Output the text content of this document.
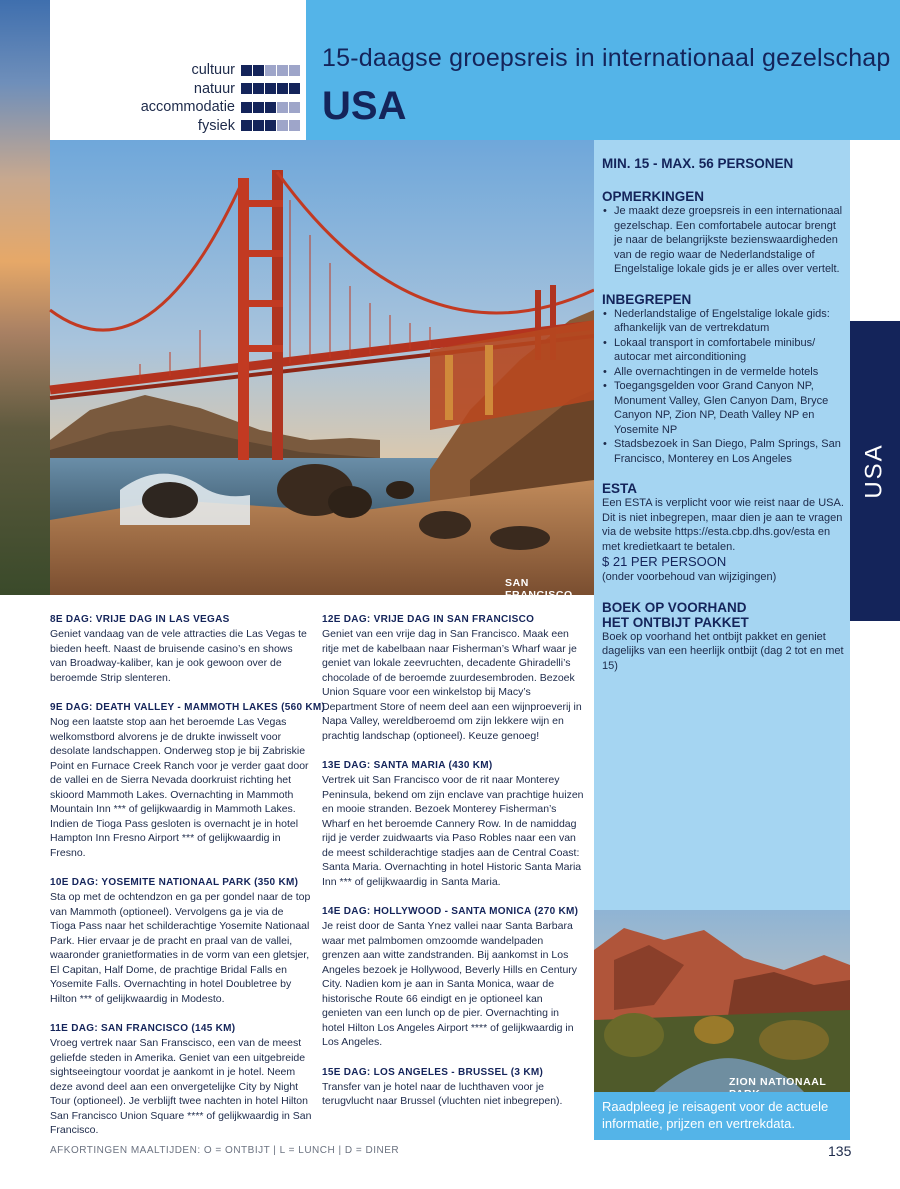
15-daagse groepsreis in internationaal gezelschap
USA
cultuur
natuur
accommodatie
fysiek
SAN FRANCISCO
MIN. 15 - MAX. 56 PERSONEN
OPMERKINGEN
• Je maakt deze groepsreis in een internationaal gezelschap. Een comfortabele autocar brengt je naar de belangrijkste bezienswaardigheden van de regio waar de Nederlandstalige of Engelstalige lokale gids je er alles over vertelt.
INBEGREPEN
• Nederlandstalige of Engelstalige lokale gids: afhankelijk van de vertrekdatum
• Lokaal transport in comfortabele minibus/ autocar met airconditioning
• Alle overnachtingen in de vermelde hotels
• Toegangsgelden voor Grand Canyon NP, Monument Valley, Glen Canyon Dam, Bryce Canyon NP, Zion NP, Death Valley NP en Yosemite NP
• Stadsbezoek in San Diego, Palm Springs, San Francisco, Monterey en Los Angeles
ESTA
Een ESTA is verplicht voor wie reist naar de USA. Dit is niet inbegrepen, maar dien je aan te vragen via de website https://esta.cbp.dhs.gov/esta en met kredietkaart te betalen.
$ 21 PER PERSOON
(onder voorbehoud van wijzigingen)
BOEK OP VOORHAND
HET ONTBIJT PAKKET
Boek op voorhand het ontbijt pakket en geniet dagelijks van een heerlijk ontbijt (dag 2 tot en met 15)
USA
8E DAG: VRIJE DAG IN LAS VEGAS
Geniet vandaag van de vele attracties die Las Vegas te bieden heeft. Naast de bruisende casino’s en shows van Broadway-kaliber, kan je ook gewoon over de beroemde Strip slenteren.
9E DAG: DEATH VALLEY - MAMMOTH LAKES (560 KM)
Nog een laatste stop aan het beroemde Las Vegas welkomstbord alvorens je de drukte inwisselt voor desolate landschappen. Onderweg stop je bij Zabriskie Point en Furnace Creek Ranch voor je verder gaat door de vallei en de Sierra Nevada doorkruist richting het skioord Mammoth Lakes. Overnachting in Mammoth Mountain Inn *** of gelijkwaardig in Mammoth Lakes. Indien de Tioga Pass gesloten is overnacht je in hotel Hampton Inn Fresno Airport *** of gelijkwaardig in Fresno.
10E DAG: YOSEMITE NATIONAAL PARK (350 KM)
Sta op met de ochtendzon en ga per gondel naar de top van Mammoth (optioneel). Vervolgens ga je via de Tioga Pass naar het schilderachtige Yosemite Nationaal Park. Hier ervaar je de pracht en praal van de vallei, waaronder granietformaties in de vorm van een gletsjer, El Capitan, Half Dome, de prachtige Bridal Falls en Yosemite Falls. Overnachting in hotel Doubletree by Hilton *** of gelijkwaardig in Modesto.
11E DAG: SAN FRANCISCO (145 KM)
Vroeg vertrek naar San Franscisco, een van de meest geliefde steden in Amerika. Geniet van een uitgebreide sightseeingtour voordat je aankomt in je hotel. Neem deze avond deel aan een onvergetelijke City by Night Tour (optioneel). Je verblijft twee nachten in hotel Hilton San Francisco Union Square **** of gelijkwaardig in San Francisco.
12E DAG: VRIJE DAG IN SAN FRANCISCO
Geniet van een vrije dag in San Francisco. Maak een ritje met de kabelbaan naar Fisherman’s Wharf waar je geniet van lokale zeevruchten, decadente Ghiradelli’s chocolade of de beroemde zuurdesembroden. Bezoek Union Square voor een winkelstop bij Macy’s Department Store of neem deel aan een wijnproeverij in Napa Valley, wereldberoemd om zijn lekkere wijn en prachtig landschap (optioneel). Keuze genoeg!
13E DAG: SANTA MARIA (430 KM)
Vertrek uit San Francisco voor de rit naar Monterey Peninsula, bekend om zijn enclave van prachtige huizen en mooie stranden. Bezoek Monterey Fisherman’s Wharf en het beroemde Cannery Row. In de namiddag rijd je verder zuidwaarts via Paso Robles naar een van de meest schilderachtige stadjes aan de Central Coast: Santa Maria. Overnachting in hotel Historic Santa Maria Inn *** of gelijkwaardig in Santa Maria.
14E DAG: HOLLYWOOD - SANTA MONICA (270 KM)
Je reist door de Santa Ynez vallei naar Santa Barbara waar met palmbomen omzoomde wandelpaden grenzen aan witte zandstranden. Bij aankomst in Los Angeles bezoek je Hollywood, Beverly Hills en Century City. Nadien kom je aan in Santa Monica, waar de historische Route 66 eindigt en je optioneel kan genieten van een lunch op de pier. Overnachting in hotel Hilton Los Angeles Airport **** of gelijkwaardig in Los Angeles.
15E DAG: LOS ANGELES - BRUSSEL (3 KM)
Transfer van je hotel naar de luchthaven voor je terugvlucht naar Brussel (vluchten niet inbegrepen).
ZION NATIONAAL
Raadpleeg je reisagent voor de actuele informatie, prijzen en vertrekdata.
AFKORTINGEN MAALTIJDEN: O = ONTBIJT | L = LUNCH | D = DINER	135
